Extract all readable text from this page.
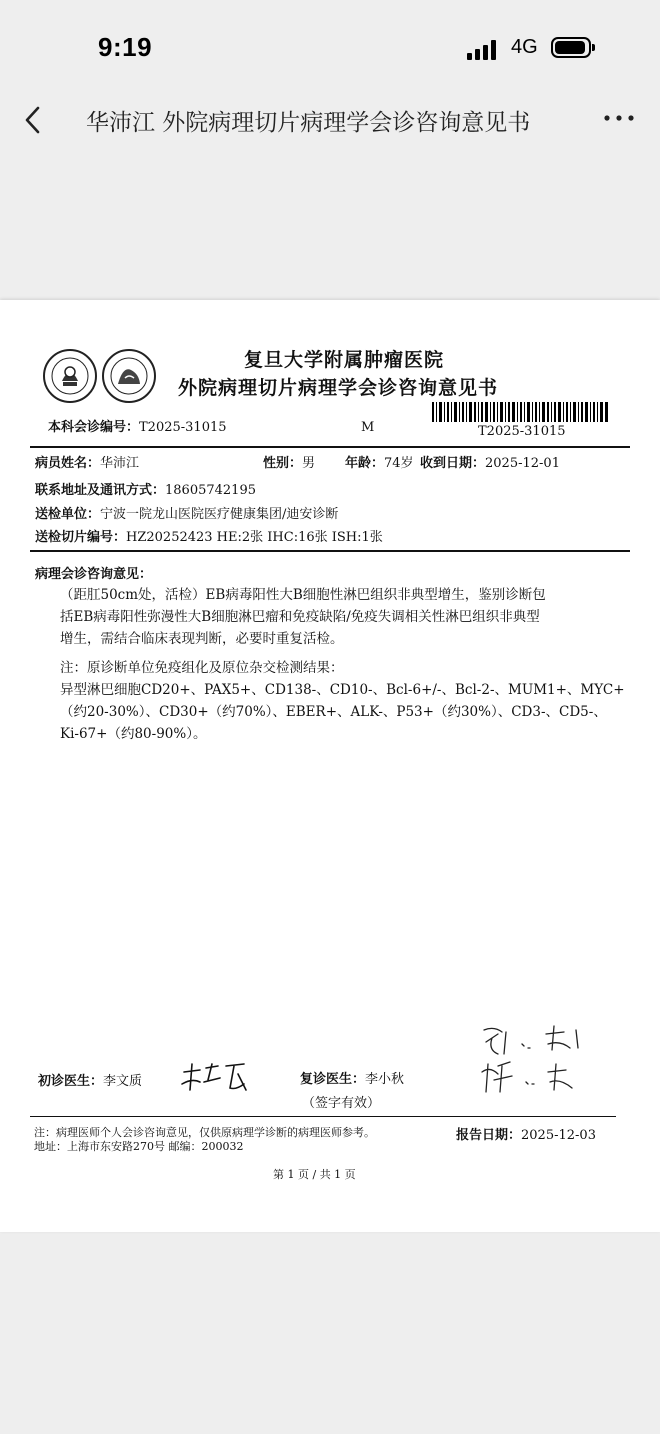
9:19	4G
华沛江 外院病理切片病理学会诊咨询意见书
复旦大学附属肿瘤医院
外院病理切片病理学会诊咨询意见书
本科会诊编号：T2025-31015	M	T2025-31015
病员姓名：华沛江	性别：男 年龄：74岁 收到日期：2025-12-01
联系地址及通讯方式：18605742195
送检单位：宁波一院龙山医院医疗健康集团/迪安诊断
送检切片编号：HZ20252423 HE:2张 IHC:16张 ISH:1张
病理会诊咨询意见：
（距肛50cm处，活检）EB病毒阳性大B细胞性淋巴组织非典型增生，鉴别诊断包
括EB病毒阳性弥漫性大B细胞淋巴瘤和免疫缺陷/免疫失调相关性淋巴组织非典型
增生，需结合临床表现判断，必要时重复活检。
注：原诊断单位免疫组化及原位杂交检测结果：
异型淋巴细胞CD20+、PAX5+、CD138-、CD10-、Bcl-6+/-、Bcl-2-、MUM1+、MYC+
（约20-30%）、CD30+（约70%）、EBER+、ALK-、P53+（约30%）、CD3-、CD5-、
Ki-67+（约80-90%）。
初诊医生：李文质	复诊医生：李小秋
（签字有效）
注：病理医师个人会诊咨询意见，仅供原病理学诊断的病理医师参考。
地址：上海市东安路270号 邮编：200032
报告日期：2025-12-03
第 1 页 / 共 1 页
